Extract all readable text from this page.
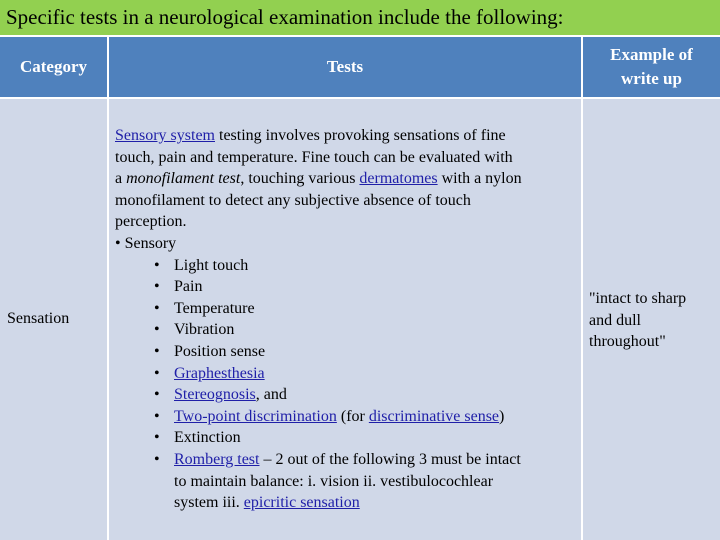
Specific tests in a neurological examination include the following:
Category	Tests
Example of
write up
Sensation
Sensory system testing involves provoking sensations of fine
touch, pain and temperature. Fine touch can be evaluated with
a monofilament test, touching various dermatomes with a nylon
monofilament to detect any subjective absence of touch
perception.
• Sensory
• Light touch
• Pain
• Temperature
• Vibration
• Position sense
• Graphesthesia
• Stereognosis, and
• Two-point discrimination (for discriminative sense)
• Extinction
• Romberg test – 2 out of the following 3 must be intact
to maintain balance: i. vision ii. vestibulocochlear
system iii. epicritic sensation
"intact to sharp
and dull
throughout"
